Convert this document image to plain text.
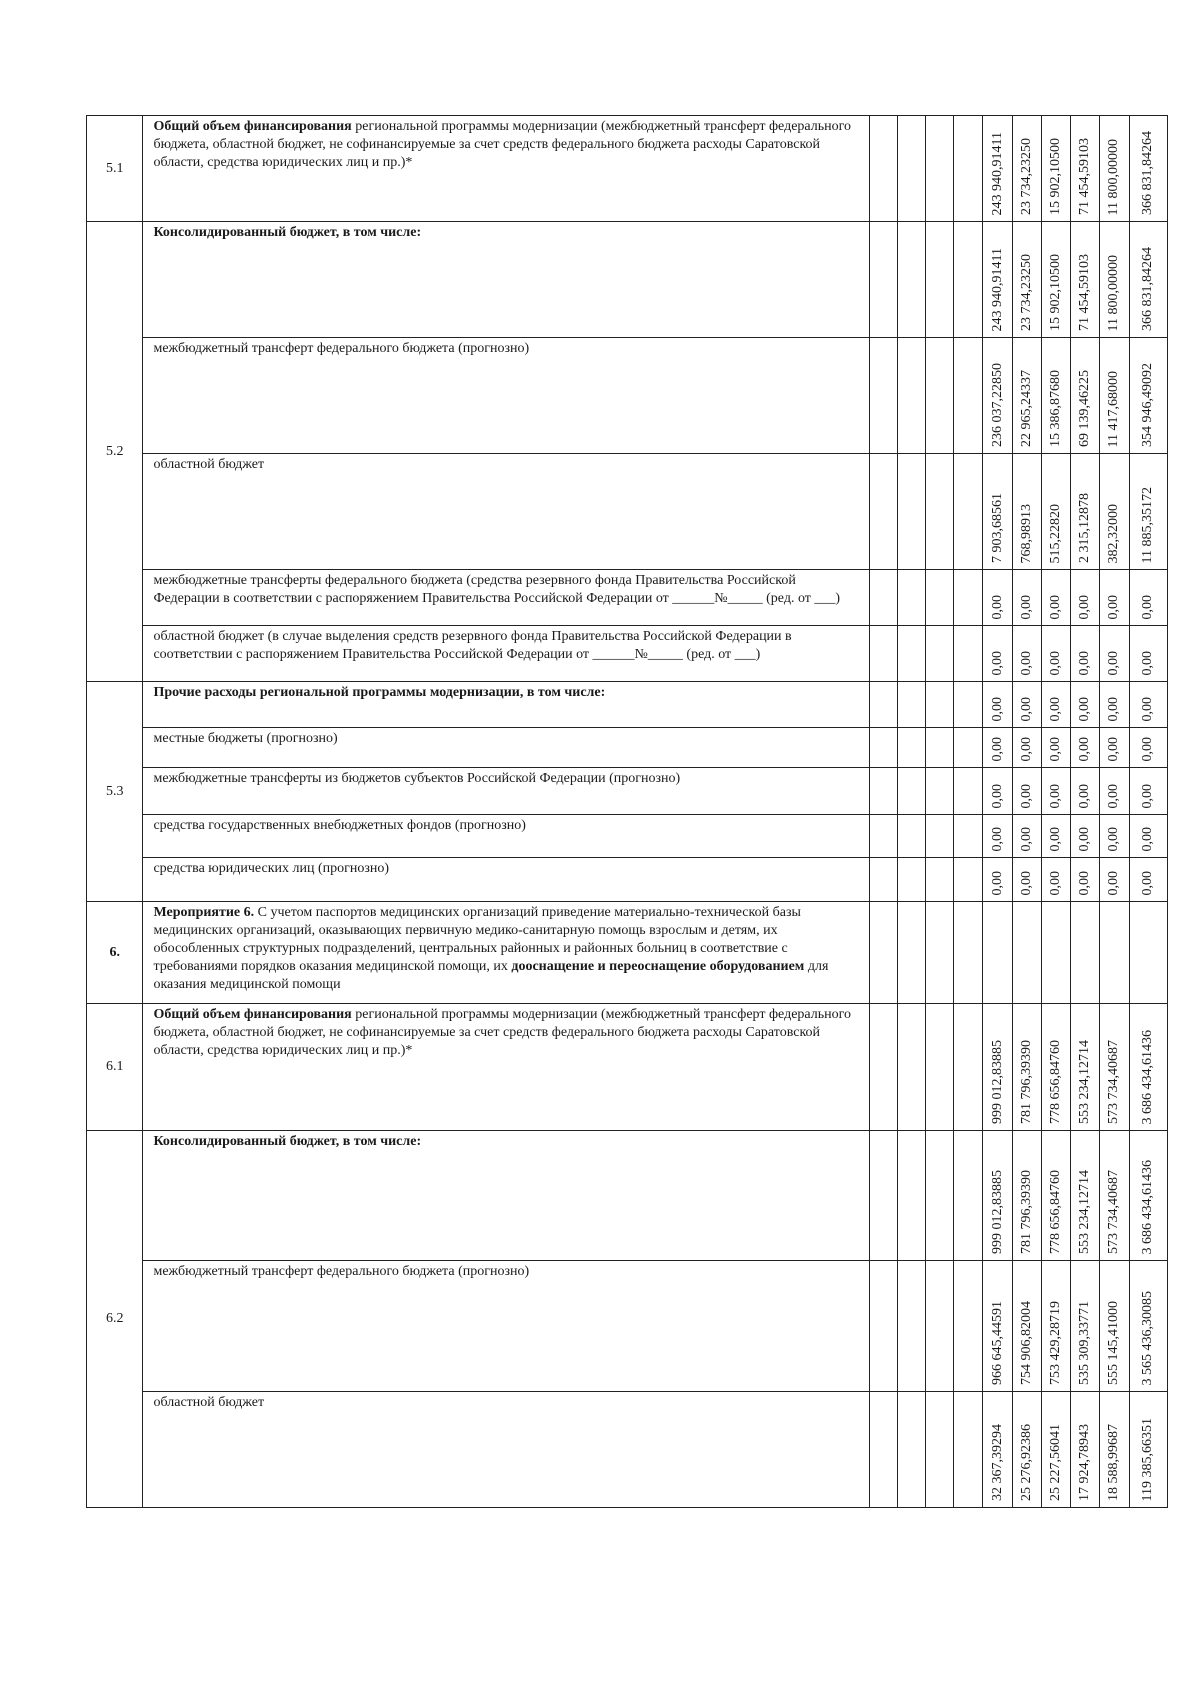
5.1	Общий объем финансирования региональной программы модернизации (межбюджетный трансферт федерального бюджета, областной бюджет, не софинансируемые за счет средств федерального бюджета расходы Саратовской области, средства юридических лиц и пр.)*					243 940,91411	23 734,23250	15 902,10500	71 454,59103	11 800,00000	366 831,84264

5.2	Консолидированный бюджет, в том числе:					243 940,91411	23 734,23250	15 902,10500	71 454,59103	11 800,00000	366 831,84264

	межбюджетный трансферт федерального бюджета (прогнозно)					236 037,22850	22 965,24337	15 386,87680	69 139,46225	11 417,68000	354 946,49092

	областной бюджет					7 903,68561	768,98913	515,22820	2 315,12878	382,32000	11 885,35172

	межбюджетные трансферты федерального бюджета (средства резервного фонда Правительства Российской Федерации в соответствии с распоряжением Правительства Российской Федерации от ______№_____ (ред. от ___)					0,00	0,00	0,00	0,00	0,00	0,00

	областной бюджет (в случае выделения средств резервного фонда Правительства Российской Федерации в соответствии с распоряжением Правительства Российской Федерации от ______№_____ (ред. от ___)					0,00	0,00	0,00	0,00	0,00	0,00

5.3	Прочие расходы региональной программы модернизации, в том числе:					0,00	0,00	0,00	0,00	0,00	0,00

	местные бюджеты (прогнозно)					0,00	0,00	0,00	0,00	0,00	0,00

	межбюджетные трансферты из бюджетов субъектов Российской Федерации (прогнозно)					0,00	0,00	0,00	0,00	0,00	0,00

	средства государственных внебюджетных фондов (прогнозно)					0,00	0,00	0,00	0,00	0,00	0,00

	средства юридических лиц (прогнозно)					0,00	0,00	0,00	0,00	0,00	0,00

6.	Мероприятие 6. С учетом паспортов медицинских организаций приведение материально-технической базы медицинских организаций, оказывающих первичную медико-санитарную помощь взрослым и детям, их обособленных структурных подразделений, центральных районных и районных больниц в соответствие с требованиями порядков оказания медицинской помощи, их дооснащение и переоснащение оборудованием для оказания медицинской помощи										
6.1	Общий объем финансирования региональной программы модернизации (межбюджетный трансферт федерального бюджета, областной бюджет, не софинансируемые за счет средств федерального бюджета расходы Саратовской области, средства юридических лиц и пр.)*					999 012,83885	781 796,39390	778 656,84760	553 234,12714	573 734,40687	3 686 434,61436

6.2	Консолидированный бюджет, в том числе:					999 012,83885	781 796,39390	778 656,84760	553 234,12714	573 734,40687	3 686 434,61436

	межбюджетный трансферт федерального бюджета (прогнозно)					966 645,44591	754 906,82004	753 429,28719	535 309,33771	555 145,41000	3 565 436,30085

	областной бюджет					32 367,39294	25 276,92386	25 227,56041	17 924,78943	18 588,99687	119 385,66351
